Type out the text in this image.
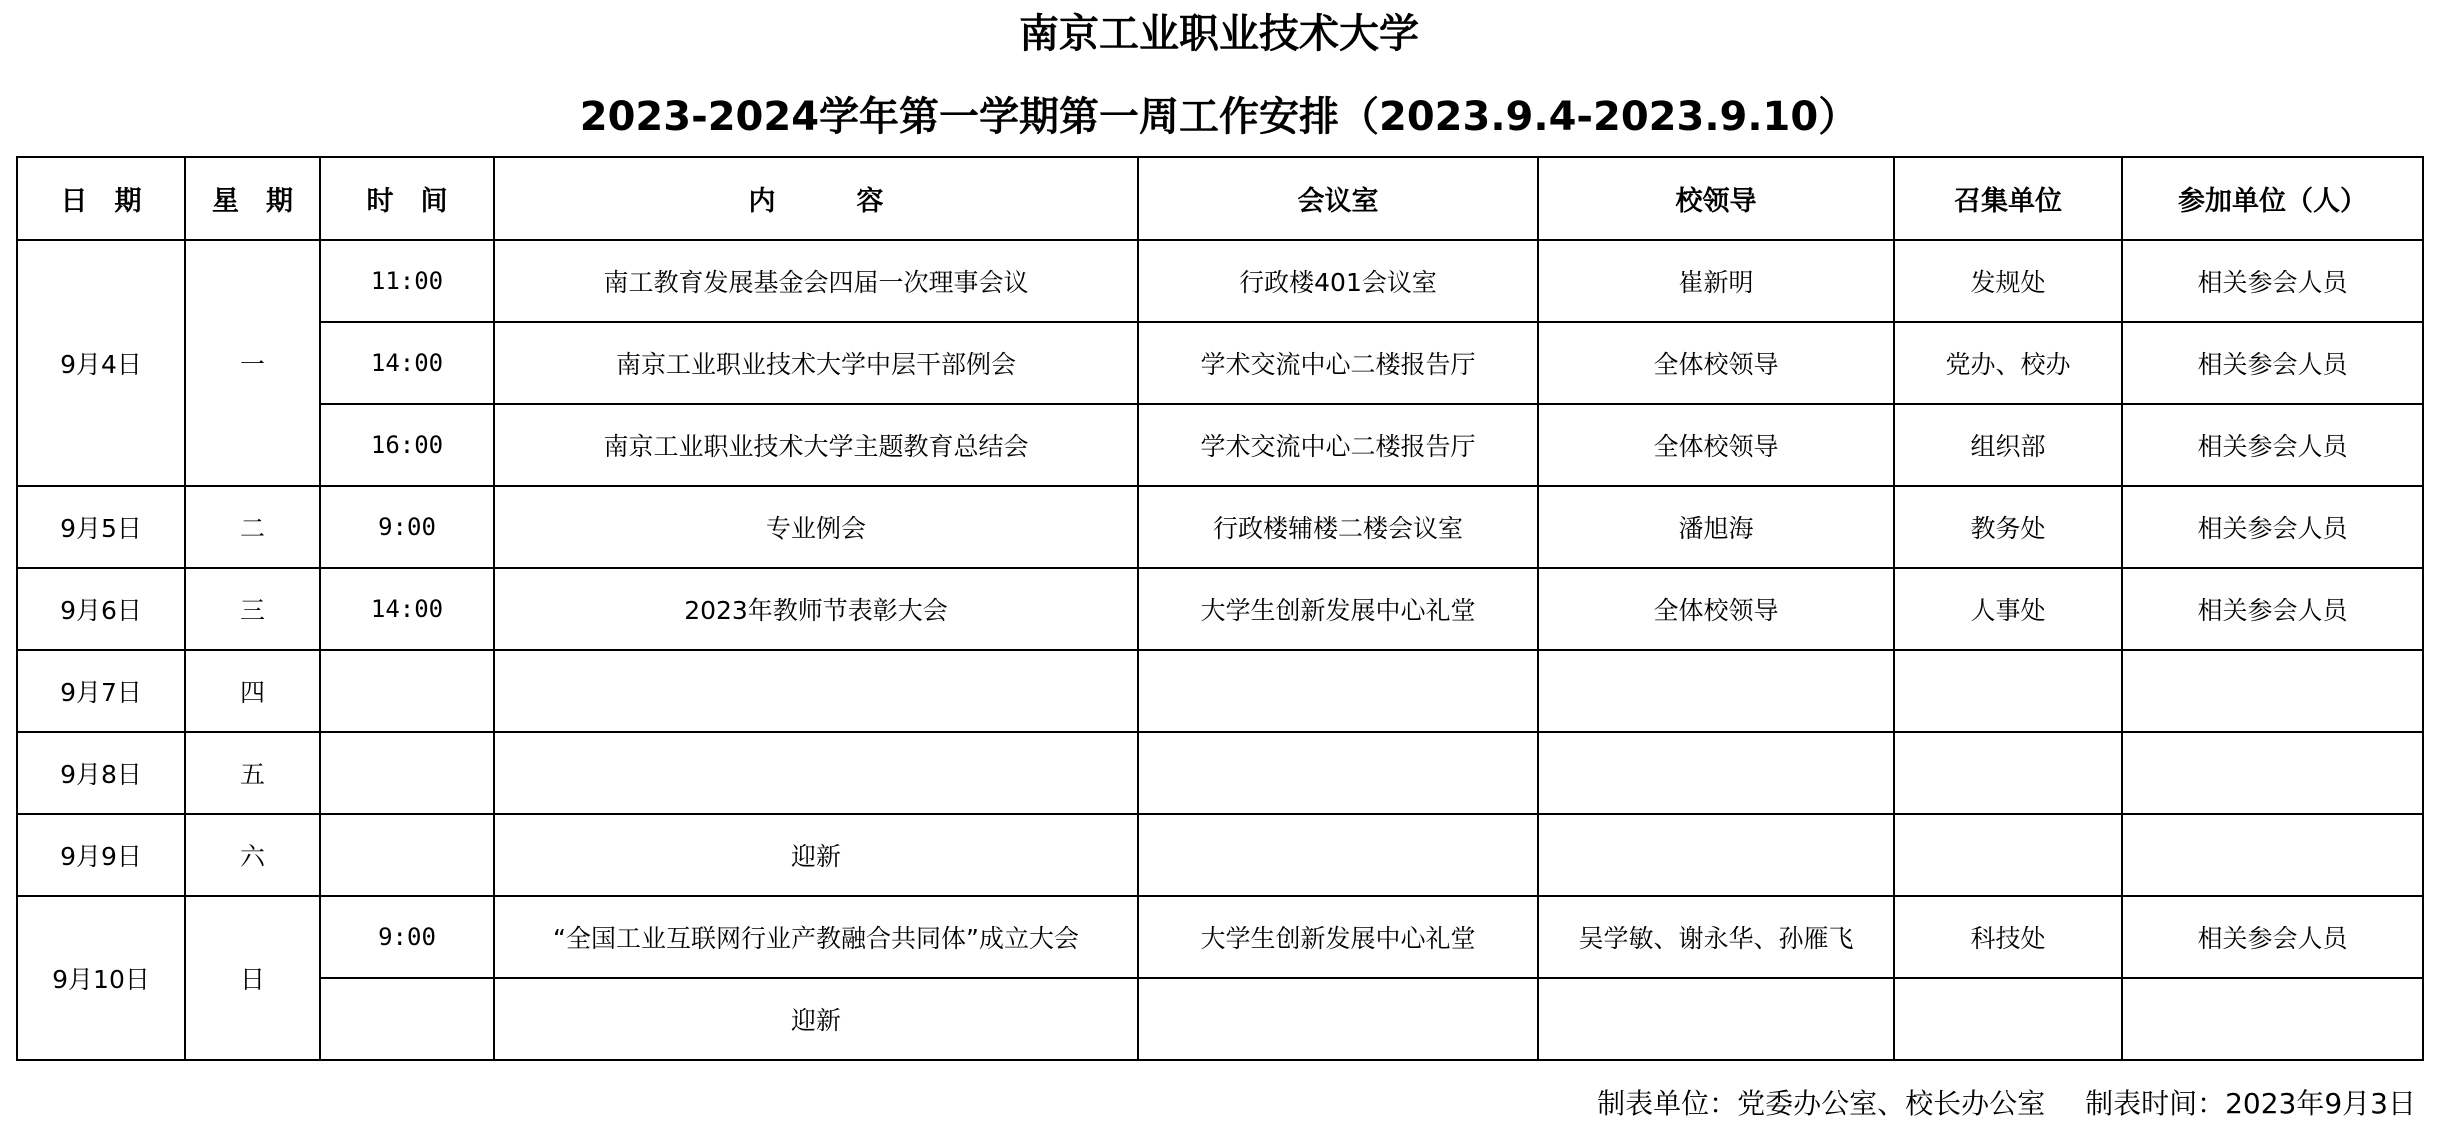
南京工业职业技术大学
2023-2024学年第一学期第一周工作安排（2023.9.4-2023.9.10）
日　期	星　期	时　间	内　　　容	会议室	校领导	召集单位	参加单位（人）
9月4日	一	11:00	南工教育发展基金会四届一次理事会议	行政楼401会议室	崔新明	发规处	相关参会人员
		14:00	南京工业职业技术大学中层干部例会	学术交流中心二楼报告厅	全体校领导	党办、校办	相关参会人员
		16:00	南京工业职业技术大学主题教育总结会	学术交流中心二楼报告厅	全体校领导	组织部	相关参会人员
9月5日	二	9:00	专业例会	行政楼辅楼二楼会议室	潘旭海	教务处	相关参会人员
9月6日	三	14:00	2023年教师节表彰大会	大学生创新发展中心礼堂	全体校领导	人事处	相关参会人员
9月7日	四						
9月8日	五						
9月9日	六		迎新				
9月10日	日	9:00	“全国工业互联网行业产教融合共同体”成立大会	大学生创新发展中心礼堂	吴学敏、谢永华、孙雁飞	科技处	相关参会人员
			迎新				
制表单位：党委办公室、校长办公室 制表时间：2023年9月3日
